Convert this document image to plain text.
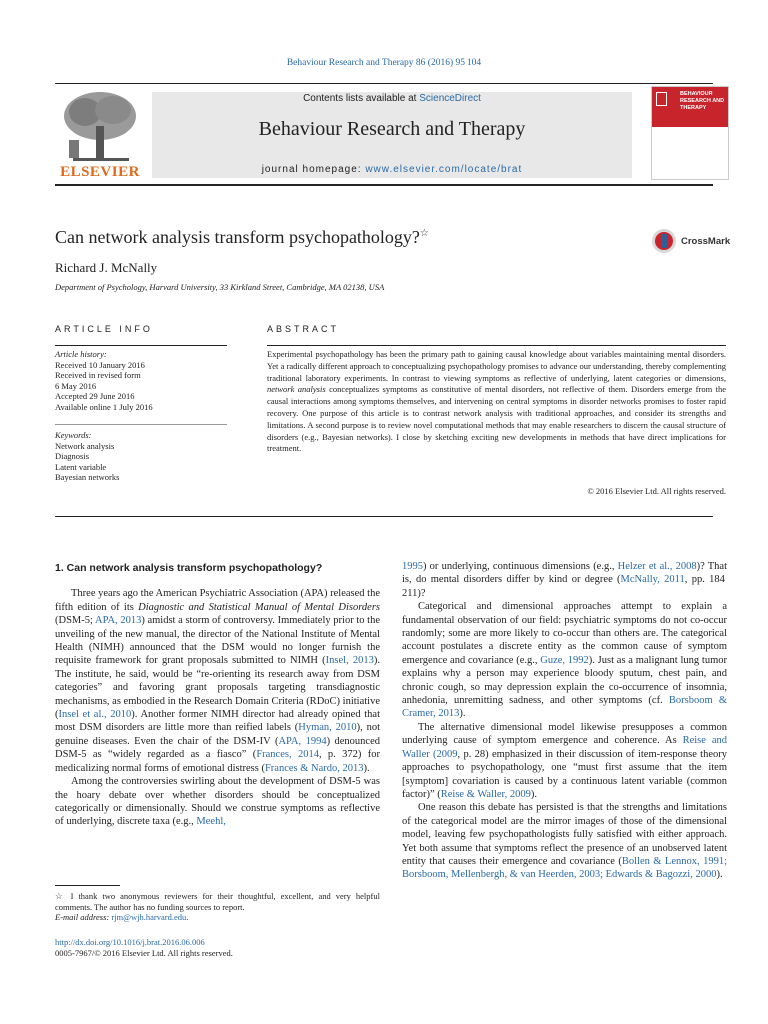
Behaviour Research and Therapy 86 (2016) 95 104
ELSEVIER
Contents lists available at ScienceDirect
Behaviour Research and Therapy
journal homepage: www.elsevier.com/locate/brat
BEHAVIOUR RESEARCH AND THERAPY
Can network analysis transform psychopathology?☆
CrossMark
Richard J. McNally
Department of Psychology, Harvard University, 33 Kirkland Street, Cambridge, MA 02138, USA
ARTICLE INFO	ABSTRACT
Article history:
Received 10 January 2016
Received in revised form
6 May 2016
Accepted 29 June 2016
Available online 1 July 2016
Keywords:
Network analysis
Diagnosis
Latent variable
Bayesian networks
Experimental psychopathology has been the primary path to gaining causal knowledge about variables maintaining mental disorders. Yet a radically different approach to conceptualizing psychopathology promises to advance our understanding, thereby complementing traditional laboratory experiments. In contrast to viewing symptoms as reflective of underlying, latent categories or dimensions, network analysis conceptualizes symptoms as constitutive of mental disorders, not reflective of them. Disorders emerge from the causal interactions among symptoms themselves, and intervening on central symptoms in disorder networks promises to foster rapid recovery. One purpose of this article is to contrast network analysis with traditional approaches, and consider its strengths and limitations. A second purpose is to review novel computational methods that may enable researchers to discern the causal structure of disorders (e.g., Bayesian networks). I close by sketching exciting new developments in methods that have direct implications for treatment.
© 2016 Elsevier Ltd. All rights reserved.

1. Can network analysis transform psychopathology?

Three years ago the American Psychiatric Association (APA) released the fifth edition of its Diagnostic and Statistical Manual of Mental Disorders (DSM-5; APA, 2013) amidst a storm of controversy. Immediately prior to the unveiling of the new manual, the director of the National Institute of Mental Health (NIMH) announced that the DSM would no longer furnish the requisite framework for grant proposals submitted to NIMH (Insel, 2013). The institute, he said, would be “re-orienting its research away from DSM categories” and favoring grant proposals targeting transdiagnostic mechanisms, as embodied in the Research Domain Criteria (RDoC) initiative (Insel et al., 2010). Another former NIMH director had already opined that most DSM disorders are little more than reified labels (Hyman, 2010), not genuine diseases. Even the chair of the DSM-IV (APA, 1994) denounced DSM-5 as “widely regarded as a fiasco” (Frances, 2014, p. 372) for medicalizing normal forms of emotional distress (Frances & Nardo, 2013).

Among the controversies swirling about the development of DSM-5 was the hoary debate over whether disorders should be conceptualized categorically or dimensionally. Should we construe symptoms as reflective of underlying, discrete taxa (e.g., Meehl,

1995) or underlying, continuous dimensions (e.g., Helzer et al., 2008)? That is, do mental disorders differ by kind or degree (McNally, 2011, pp. 184 211)?

Categorical and dimensional approaches attempt to explain a fundamental observation of our field: psychiatric symptoms do not co-occur randomly; some are more likely to co-occur than others are. The categorical account postulates a discrete entity as the common cause of symptom emergence and covariance (e.g., Guze, 1992). Just as a malignant lung tumor explains why a person may experience bloody sputum, chest pain, and chronic cough, so may depression explain the co-occurrence of insomnia, anhedonia, unremitting sadness, and other symptoms (cf. Borsboom & Cramer, 2013).

The alternative dimensional model likewise presupposes a common underlying cause of symptom emergence and coherence. As Reise and Waller (2009, p. 28) emphasized in their discussion of item-response theory approaches to psychopathology, one “must first assume that the item [symptom] covariation is caused by a continuous latent variable (common factor)” (Reise & Waller, 2009).

One reason this debate has persisted is that the strengths and limitations of the categorical model are the mirror images of those of the dimensional model, leaving few psychopathologists fully satisfied with either approach. Yet both assume that symptoms reflect the presence of an unobserved latent entity that causes their emergence and covariance (Bollen & Lennox, 1991; Borsboom, Mellenbergh, & van Heerden, 2003; Edwards & Bagozzi, 2000).

☆ I thank two anonymous reviewers for their thoughtful, excellent, and very helpful comments. The author has no funding sources to report.
E-mail address: rjm@wjh.harvard.edu.
http://dx.doi.org/10.1016/j.brat.2016.06.006
0005-7967/© 2016 Elsevier Ltd. All rights reserved.
